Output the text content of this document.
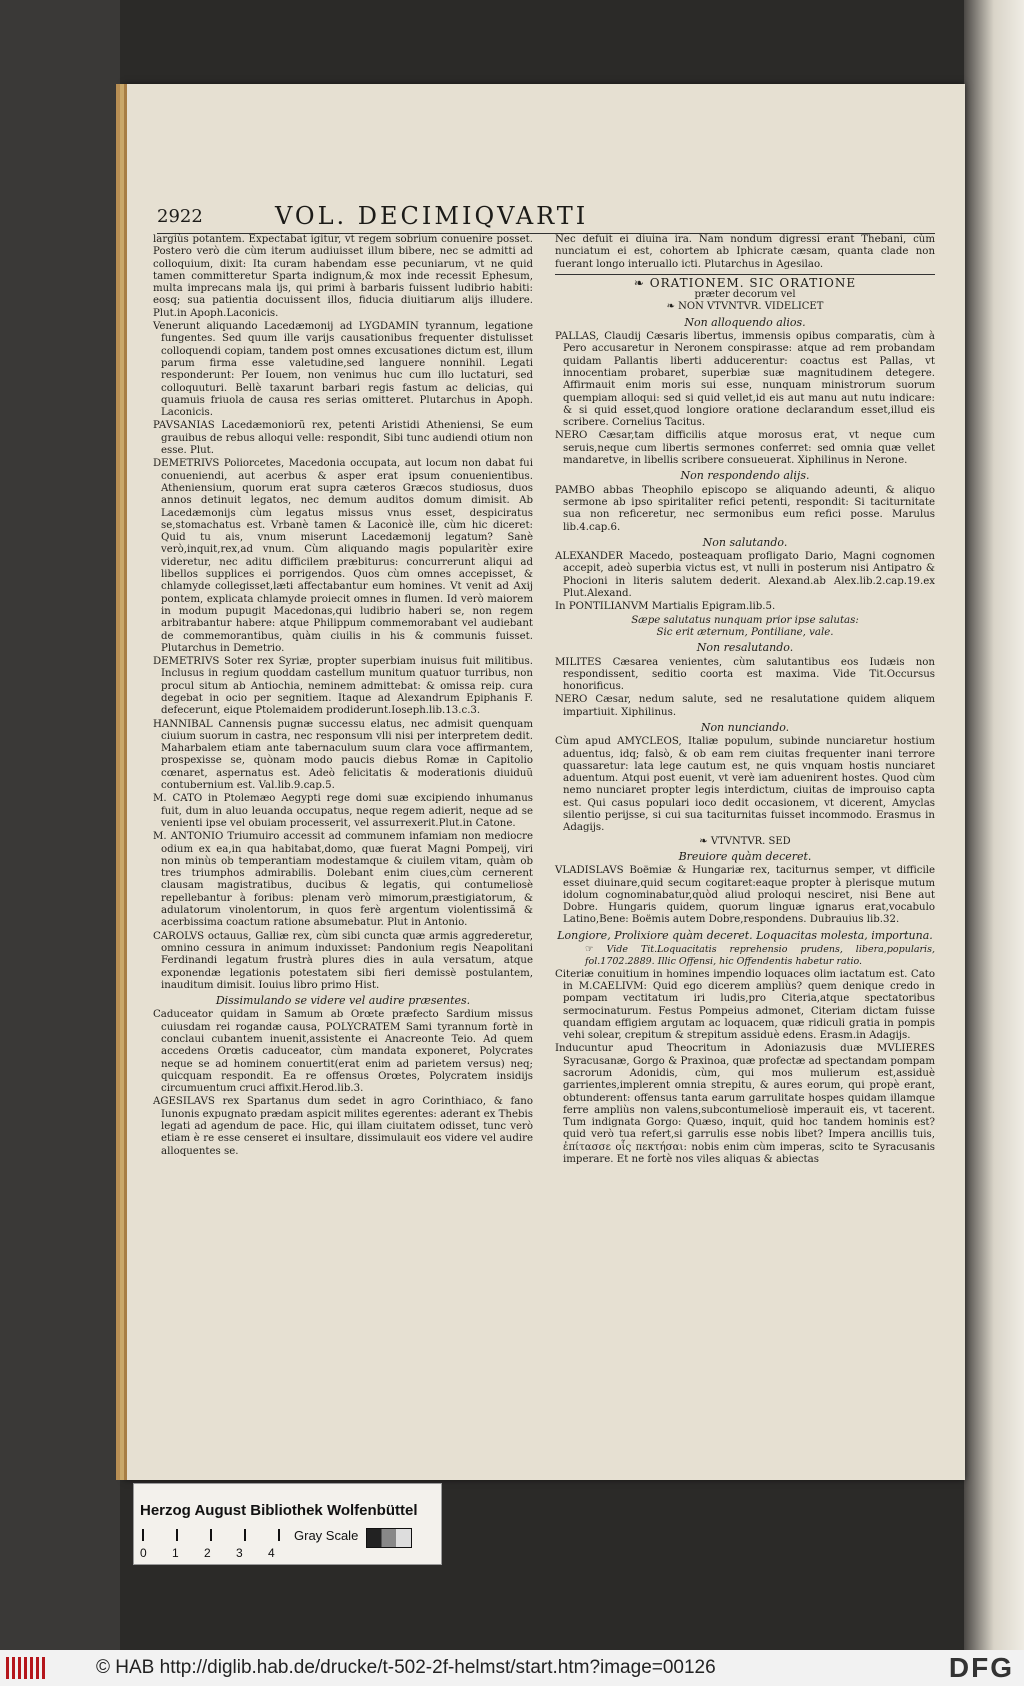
2922	VOL. DECIMIQVARTI

largiùs potantem. Expectabat igitur, vt regem sobrium conuenire posset. Postero verò die cùm iterum audiuisset illum bibere, nec se admitti ad colloquium, dixit: Ita curam habendam esse pecuniarum, vt ne quid tamen committeretur Sparta indignum,& mox inde recessit Ephesum, multa imprecans mala ijs, qui primi à barbaris fuissent ludibrio habiti: eosq; sua patientia docuissent illos, fiducia diuitiarum alijs illudere. Plut.in Apoph.Laconicis.

Venerunt aliquando Lacedæmonij ad LYGDAMIN tyrannum, legatione fungentes. Sed quum ille varijs causationibus frequenter distulisset colloquendi copiam, tandem post omnes excusationes dictum est, illum parum firma esse valetudine,sed languere nonnihil. Legati responderunt: Per Iouem, non venimus huc cum illo luctaturi, sed colloquuturi. Bellè taxarunt barbari regis fastum ac delicias, qui quamuis friuola de causa res serias omitteret. Plutarchus in Apoph. Laconicis.

PAVSANIAS Lacedæmoniorũ rex, petenti Aristidi Atheniensi, Se eum grauibus de rebus alloqui velle: respondit, Sibi tunc audiendi otium non esse. Plut.

DEMETRIVS Poliorcetes, Macedonia occupata, aut locum non dabat fui conueniendi, aut acerbus & asper erat ipsum conuenientibus. Atheniensium, quorum erat supra cæteros Græcos studiosus, duos annos detinuit legatos, nec demum auditos domum dimisit. Ab Lacedæmonijs cùm legatus missus vnus esset, despiciratus se,stomachatus est. Vrbanè tamen & Laconicè ille, cùm hic diceret: Quid tu ais, vnum miserunt Lacedæmonij legatum? Sanè verò,inquit,rex,ad vnum. Cùm aliquando magis popularitèr exire videretur, nec aditu difficilem præbiturus: concurrerunt aliqui ad libellos supplices ei porrigendos. Quos cùm omnes accepisset, & chlamyde collegisset,læti affectabantur eum homines. Vt venit ad Axij pontem, explicata chlamyde proiecit omnes in flumen. Id verò maiorem in modum pupugit Macedonas,qui ludibrio haberi se, non regem arbitrabantur habere: atque Philippum commemorabant vel audiebant de commemorantibus, quàm ciuilis in his & communis fuisset. Plutarchus in Demetrio.

DEMETRIVS Soter rex Syriæ, propter superbiam inuisus fuit militibus. Inclusus in regium quoddam castellum munitum quatuor turribus, non procul situm ab Antiochia, neminem admittebat: & omissa reip. cura degebat in ocio per segnitiem. Itaque ad Alexandrum Epiphanis F. defecerunt, eique Ptolemaidem prodiderunt.Ioseph.lib.13.c.3.

HANNIBAL Cannensis pugnæ successu elatus, nec admisit quenquam ciuium suorum in castra, nec responsum vlli nisi per interpretem dedit. Maharbalem etiam ante tabernaculum suum clara voce affirmantem, prospexisse se, quònam modo paucis diebus Romæ in Capitolio cœnaret, aspernatus est. Adeò felicitatis & moderationis diuiduũ contubernium est. Val.lib.9.cap.5.

M. CATO in Ptolemæo Aegypti rege domi suæ excipiendo inhumanus fuit, dum in aluo leuanda occupatus, neque regem adierit, neque ad se venienti ipse vel obuiam processerit, vel assurrexerit.Plut.in Catone.

M. ANTONIO Triumuiro accessit ad communem infamiam non mediocre odium ex ea,in qua habitabat,domo, quæ fuerat Magni Pompeij, viri non minùs ob temperantiam modestamque & ciuilem vitam, quàm ob tres triumphos admirabilis. Dolebant enim ciues,cùm cernerent clausam magistratibus, ducibus & legatis, qui contumeliosè repellebantur à foribus: plenam verò mimorum,præstigiatorum, & adulatorum vinolentorum, in quos ferè argentum violentissimã & acerbissima coactum ratione absumebatur. Plut in Antonio.

CAROLVS octauus, Galliæ rex, cùm sibi cuncta quæ armis aggrederetur, omnino cessura in animum induxisset: Pandonium regis Neapolitani Ferdinandi legatum frustrà plures dies in aula versatum, atque exponendæ legationis potestatem sibi fieri demissè postulantem, inauditum dimisit. Iouius libro primo Hist.

Dissimulando se videre vel audire præsentes.

Caduceator quidam in Samum ab Orœte præfecto Sardium missus cuiusdam rei rogandæ causa, POLYCRATEM Sami tyrannum fortè in conclaui cubantem inuenit,assistente ei Anacreonte Teio. Ad quem accedens Orœtis caduceator, cùm mandata exponeret, Polycrates neque se ad hominem conuertit(erat enim ad parietem versus) neq; quicquam respondit. Ea re offensus Orœtes, Polycratem insidijs circumuentum cruci affixit.Herod.lib.3.

AGESILAVS rex Spartanus dum sedet in agro Corinthiaco, & fano Iunonis expugnato prædam aspicit milites egerentes: aderant ex Thebis legati ad agendum de pace. Hic, qui illam ciuitatem odisset, tunc verò etiam è re esse censeret ei insultare, dissimulauit eos videre vel audire alloquentes se.

Nec defuit ei diuina ira. Nam nondum digressi erant Thebani, cùm nunciatum ei est, cohortem ab Iphicrate cæsam, quanta clade non fuerant longo interuallo icti. Plutarchus in Agesilao.

❧ ORATIONEM. SIC ORATIONE
præter decorum vel
❧ NON VTVNTVR. VIDELICET
Non alloquendo alios.

PALLAS, Claudij Cæsaris libertus, immensis opibus comparatis, cùm à Pero accusaretur in Neronem conspirasse: atque ad rem probandam quidam Pallantis liberti adducerentur: coactus est Pallas, vt innocentiam probaret, superbiæ suæ magnitudinem detegere. Affirmauit enim moris sui esse, nunquam ministrorum suorum quempiam alloqui: sed si quid vellet,id eis aut manu aut nutu indicare: & si quid esset,quod longiore oratione declarandum esset,illud eis scribere. Cornelius Tacitus.

NERO Cæsar,tam difficilis atque morosus erat, vt neque cum seruis,neque cum libertis sermones conferret: sed omnia quæ vellet mandaretve, in libellis scribere consueuerat. Xiphilinus in Nerone.

Non respondendo alijs.

PAMBO abbas Theophilo episcopo se aliquando adeunti, & aliquo sermone ab ipso spiritaliter refici petenti, respondit: Si taciturnitate sua non reficeretur, nec sermonibus eum refici posse. Marulus lib.4.cap.6.

Non salutando.

ALEXANDER Macedo, posteaquam profligato Dario, Magni cognomen accepit, adeò superbia victus est, vt nulli in posterum nisi Antipatro & Phocioni in literis salutem dederit. Alexand.ab Alex.lib.2.cap.19.ex Plut.Alexand.

In PONTILIANVM Martialis Epigram.lib.5.

Sæpe salutatus nunquam prior ipse salutas:
Sic erit æternum, Pontiliane, vale.
Non resalutando.

MILITES Cæsarea venientes, cùm salutantibus eos Iudæis non respondissent, seditio coorta est maxima. Vide Tit.Occursus honorificus.

NERO Cæsar, nedum salute, sed ne resalutatione quidem aliquem impartiuit. Xiphilinus.

Non nunciando.

Cùm apud AMYCLEOS, Italiæ populum, subinde nunciaretur hostium aduentus, idq; falsò, & ob eam rem ciuitas frequenter inani terrore quassaretur: lata lege cautum est, ne quis vnquam hostis nunciaret aduentum. Atqui post euenit, vt verè iam aduenirent hostes. Quod cùm nemo nunciaret propter legis interdictum, ciuitas de improuiso capta est. Qui casus populari ioco dedit occasionem, vt dicerent, Amyclas silentio perijsse, si cui sua taciturnitas fuisset incommodo. Erasmus in Adagijs.

❧ VTVNTVR. SED
Breuiore quàm deceret.

VLADISLAVS Boëmiæ & Hungariæ rex, taciturnus semper, vt difficile esset diuinare,quid secum cogitaret:eaque propter à plerisque mutum idolum cognominabatur,quòd aliud proloqui nesciret, nisi Bene aut Dobre. Hungaris quidem, quorum linguæ ignarus erat,vocabulo Latino,Bene: Boëmis autem Dobre,respondens. Dubrauius lib.32.

Longiore, Prolixiore quàm deceret. Loquacitas molesta, importuna.
☞ Vide Tit.Loquacitatis reprehensio prudens, libera,popularis, fol.1702.2889. Illic Offensi, hic Offendentis habetur ratio.

Citeriæ conuitium in homines impendio loquaces olim iactatum est. Cato in M.CAELIVM: Quid ego dicerem ampliùs? quem denique credo in pompam vectitatum iri ludis,pro Citeria,atque spectatoribus sermocinaturum. Festus Pompeius admonet, Citeriam dictam fuisse quandam effigiem argutam ac loquacem, quæ ridiculi gratia in pompis vehi solear, crepitum & strepitum assiduè edens. Erasm.in Adagijs.

Inducuntur apud Theocritum in Adoniazusis duæ MVLIERES Syracusanæ, Gorgo & Praxinoa, quæ profectæ ad spectandam pompam sacrorum Adonidis, cùm, qui mos mulierum est,assiduè garrientes,implerent omnia strepitu, & aures eorum, qui propè erant, obtunderent: offensus tanta earum garrulitate hospes quidam illamque ferre ampliùs non valens,subcontumeliosè imperauit eis, vt tacerent. Tum indignata Gorgo: Quæso, inquit, quid hoc tandem hominis est? quid verò tua refert,si garrulis esse nobis libet? Impera ancillis tuis, ἐπίτασσε οἷς πεκτήσαι: nobis enim cùm imperas, scito te Syracusanis imperare. Et ne fortè nos viles aliquas & abiectas

Herzog August Bibliothek Wolfenbüttel
Gray Scale
0 1 2 3 4
© HAB http://diglib.hab.de/drucke/t-502-2f-helmst/start.htm?image=00126	DFG
